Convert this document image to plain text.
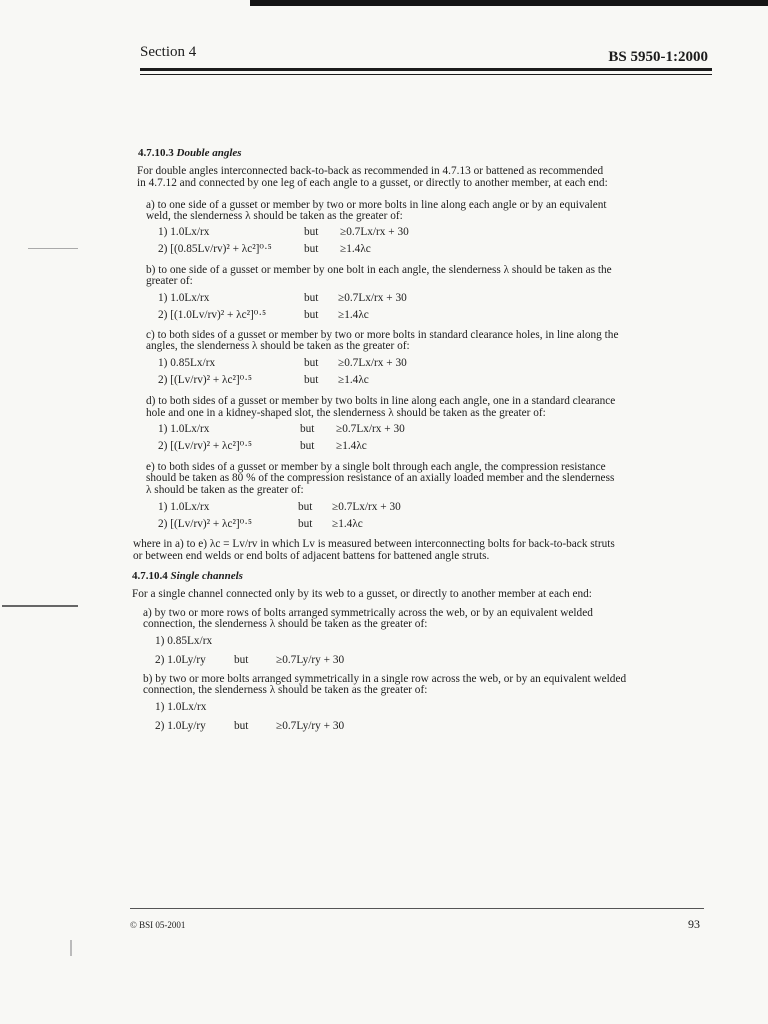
Section 4	BS 5950-1:2000
4.7.10.3 Double angles
For double angles interconnected back-to-back as recommended in 4.7.13 or battened as recommended
in 4.7.12 and connected by one leg of each angle to a gusset, or directly to another member, at each end:
a) to one side of a gusset or member by two or more bolts in line along each angle or by an equivalent
weld, the slenderness λ should be taken as the greater of:
1) 1.0Lx/rx	but ≥0.7Lx/rx + 30
2) [(0.85Lv/rv)² + λc²]⁰·⁵	but ≥1.4λc
b) to one side of a gusset or member by one bolt in each angle, the slenderness λ should be taken as the
greater of:
1) 1.0Lx/rx	but ≥0.7Lx/rx + 30
2) [(1.0Lv/rv)² + λc²]⁰·⁵	but ≥1.4λc
c) to both sides of a gusset or member by two or more bolts in standard clearance holes, in line along the
angles, the slenderness λ should be taken as the greater of:
1) 0.85Lx/rx	but ≥0.7Lx/rx + 30
2) [(Lv/rv)² + λc²]⁰·⁵	but ≥1.4λc
d) to both sides of a gusset or member by two bolts in line along each angle, one in a standard clearance
hole and one in a kidney-shaped slot, the slenderness λ should be taken as the greater of:
1) 1.0Lx/rx	but ≥0.7Lx/rx + 30
2) [(Lv/rv)² + λc²]⁰·⁵	but ≥1.4λc
e) to both sides of a gusset or member by a single bolt through each angle, the compression resistance
should be taken as 80 % of the compression resistance of an axially loaded member and the slenderness
λ should be taken as the greater of:
1) 1.0Lx/rx	but ≥0.7Lx/rx + 30
2) [(Lv/rv)² + λc²]⁰·⁵	but ≥1.4λc
where in a) to e) λc = Lv/rv in which Lv is measured between interconnecting bolts for back-to-back struts
or between end welds or end bolts of adjacent battens for battened angle struts.
4.7.10.4 Single channels
For a single channel connected only by its web to a gusset, or directly to another member at each end:
a) by two or more rows of bolts arranged symmetrically across the web, or by an equivalent welded
connection, the slenderness λ should be taken as the greater of:
1) 0.85Lx/rx
2) 1.0Ly/ry but ≥0.7Ly/ry + 30
b) by two or more bolts arranged symmetrically in a single row across the web, or by an equivalent welded
connection, the slenderness λ should be taken as the greater of:
1) 1.0Lx/rx
2) 1.0Ly/ry but ≥0.7Ly/ry + 30
© BSI 05-2001	93
